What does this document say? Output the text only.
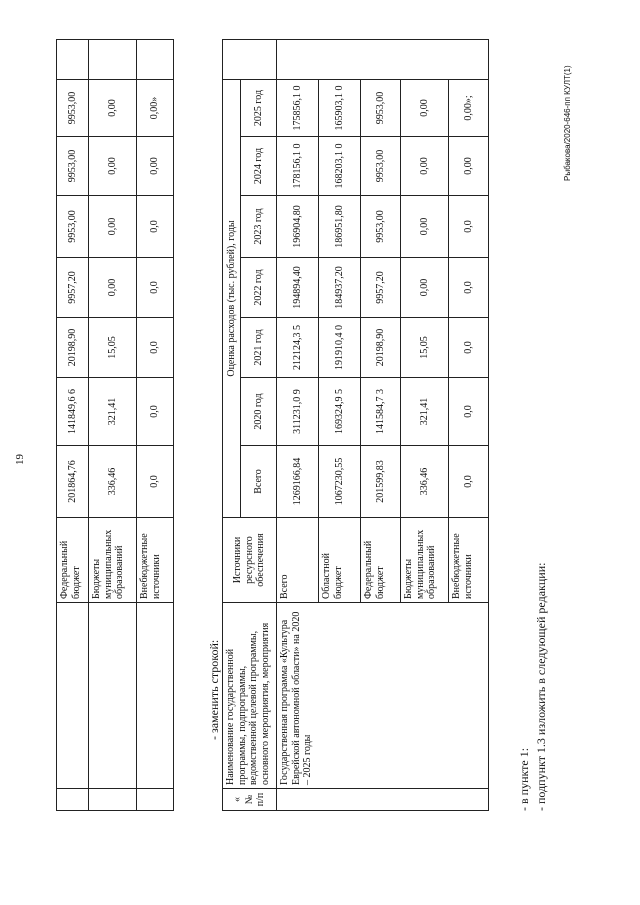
19
		Федеральный бюджет	201864,76	141849,6 6	20198,90	9957,20	9953,00	9953,00	9953,00	
		Бюджеты муниципальных образований	336,46	321,41	15,05	0,00	0,00	0,00	0,00	
		Внебюджетные источники	0,0	0,0	0,0	0,0	0,0	0,00	0,00»	
- заменить строкой:
« № п/п	Наименование государственной программы, подпрограммы, ведомственной целевой программы, основного мероприятия, мероприятия	Источники ресурсного обеспечения	Оценка расходов (тыс. рублей), годы							
			Всего	2020 год	2021 год	2022 год	2023 год	2024 год	2025 год	
	Государственная программа «Культура Еврейской автономной области» на 2020 – 2025 годы	Всего	1269166,84	311231,0 9	212124,3 5	194894,40	196904,80	178156,1 0	175856,1 0	
		Областной бюджет	1067230,55	169324,9 5	191910,4 0	184937,20	186951,80	168203,1 0	165903,1 0	
		Федеральный бюджет	201599,83	141584,7 3	20198,90	9957,20	9953,00	9953,00	9953,00	
		Бюджеты муниципальных образований	336,46	321,41	15,05	0,00	0,00	0,00	0,00	
		Внебюджетные источники	0,0	0,0	0,0	0,0	0,0	0,00	0,00»;	
- в пункте 1: - подпункт 1.3 изложить в следующей редакции:
Рыбакова/2020-646-пп КУЛТ(1)
